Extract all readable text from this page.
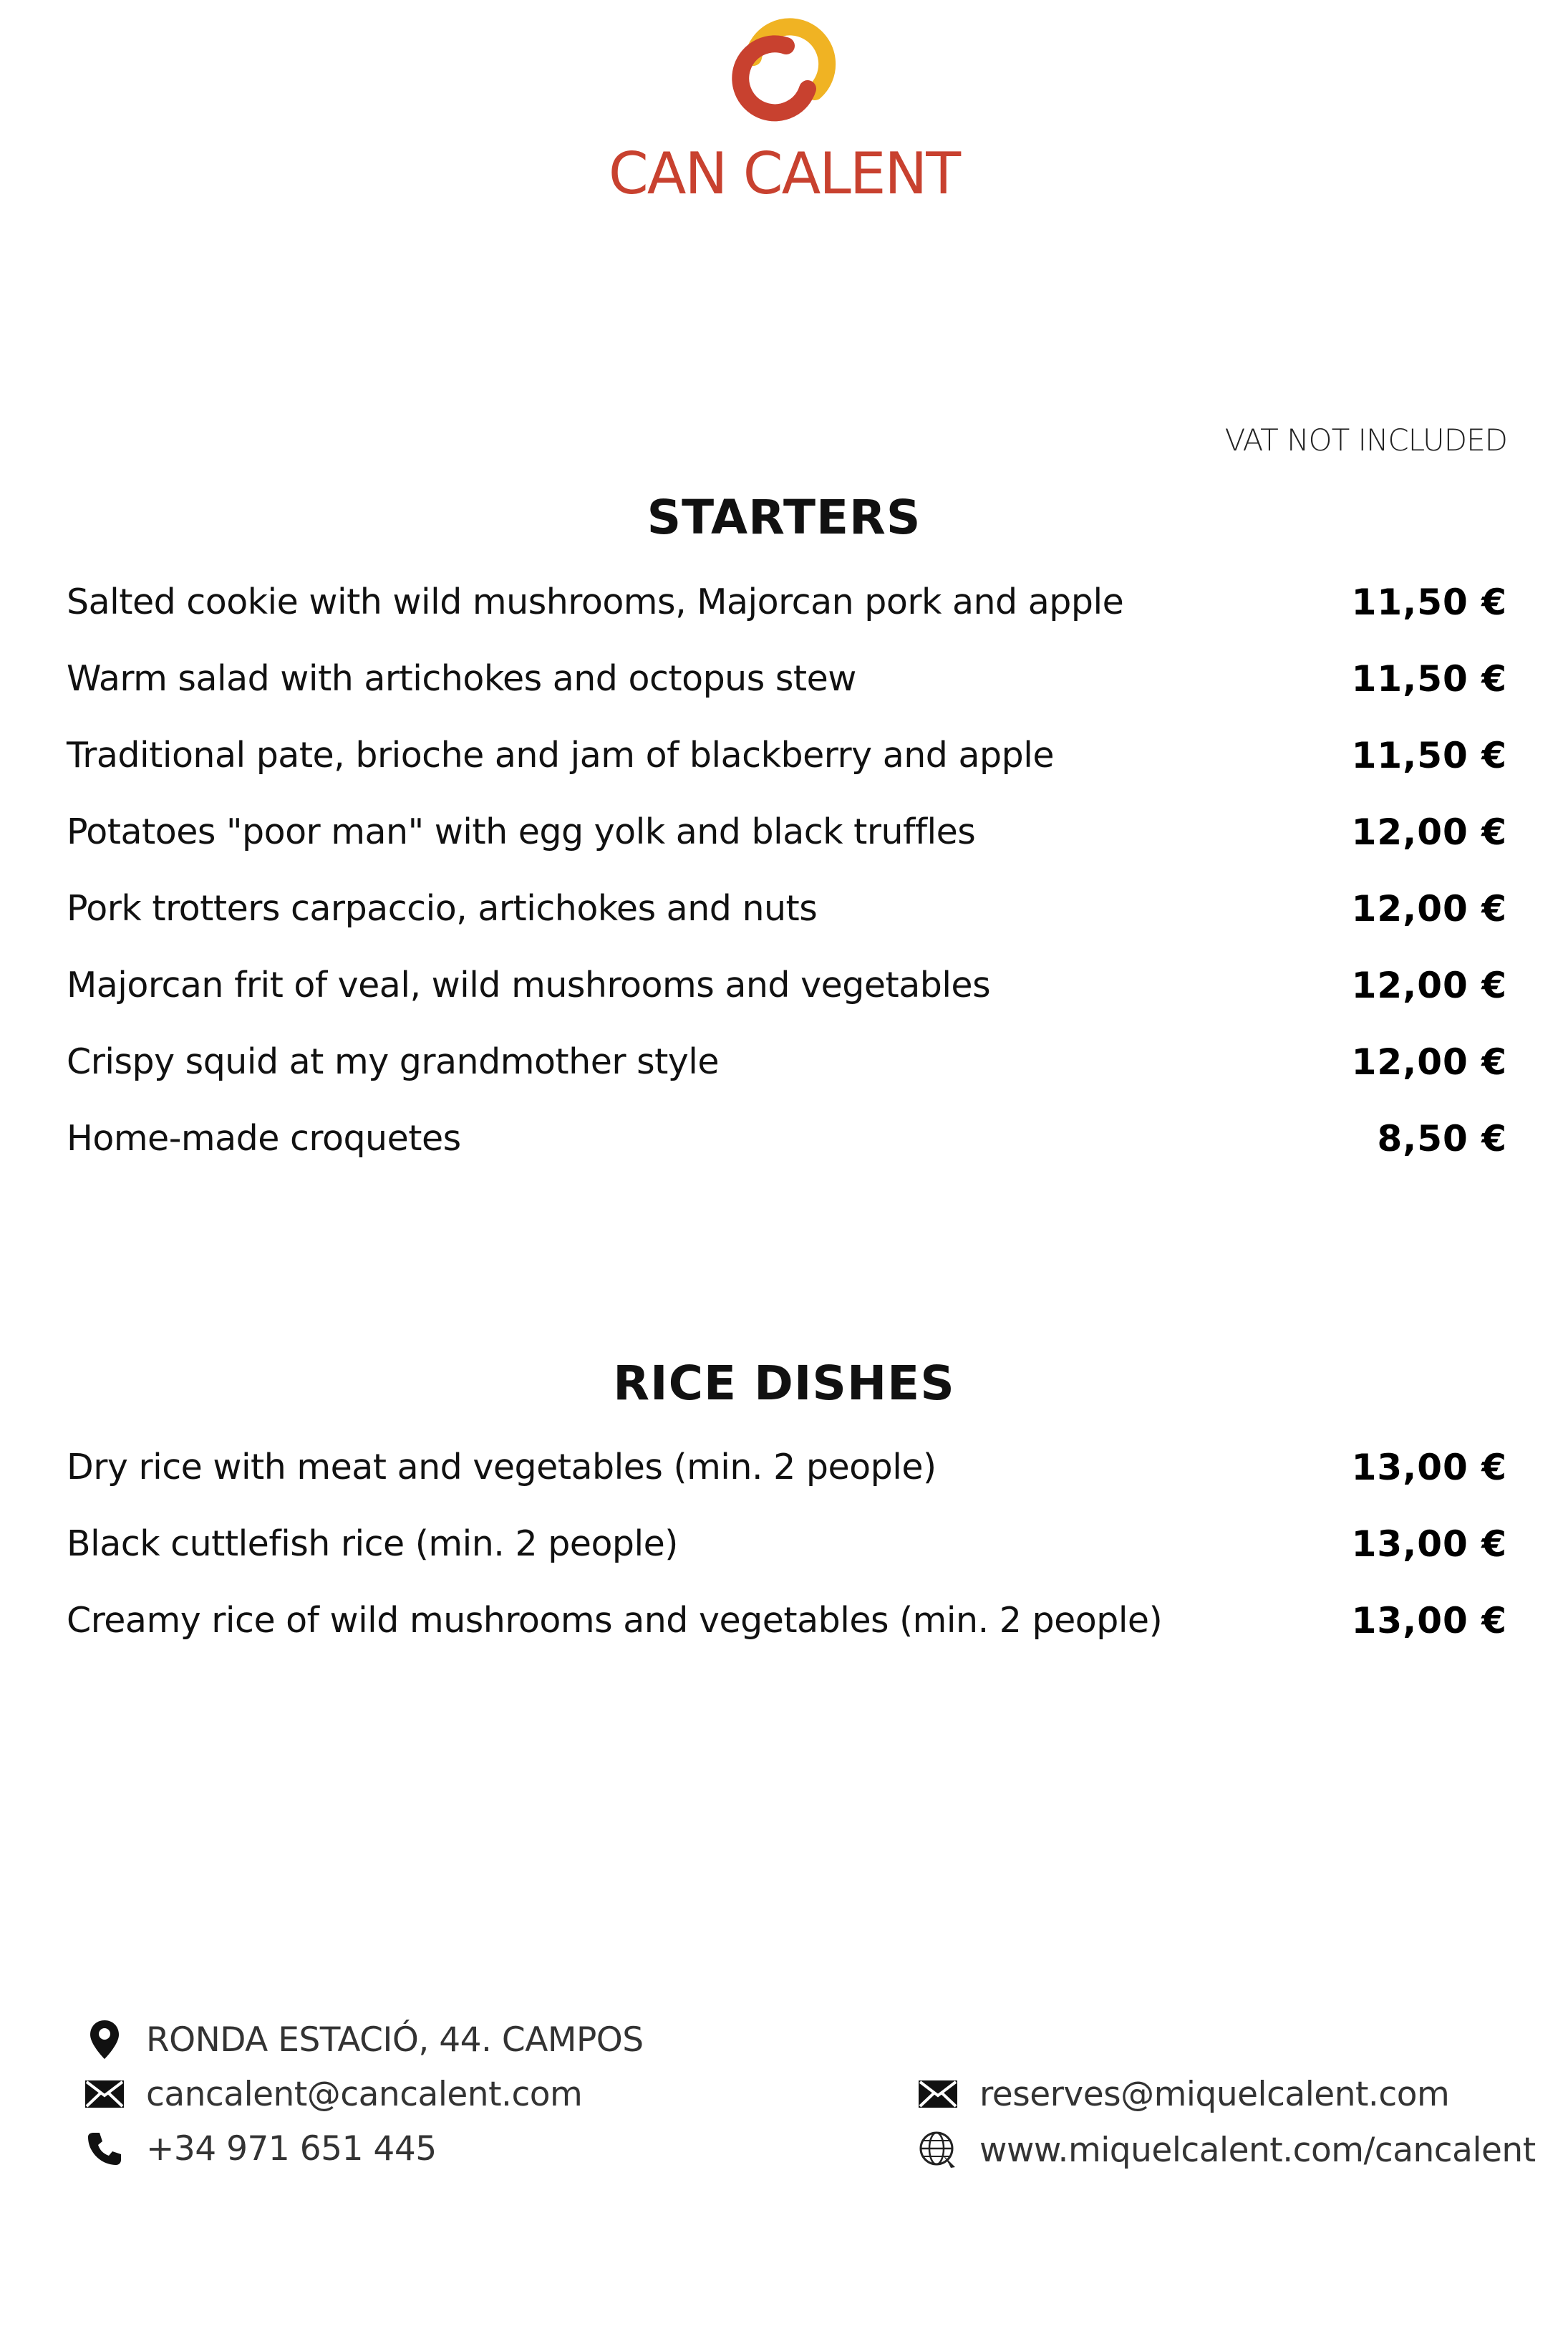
CAN CALENT
VAT NOT INCLUDED
STARTERS
Salted cookie with wild mushrooms, Majorcan pork and apple	11,50 €
Warm salad with artichokes and octopus stew	11,50 €
Traditional pate, brioche and jam of blackberry and apple	11,50 €
Potatoes "poor man" with egg yolk and black truffles	12,00 €
Pork trotters carpaccio, artichokes and nuts	12,00 €
Majorcan frit of veal, wild mushrooms and vegetables	12,00 €
Crispy squid at my grandmother style	12,00 €
Home-made croquetes	8,50 €
RICE DISHES
Dry rice with meat and vegetables (min. 2 people)	13,00 €
Black cuttlefish rice (min. 2 people)	13,00 €
Creamy rice of wild mushrooms and vegetables (min. 2 people)	13,00 €
RONDA ESTACIÓ, 44. CAMPOS
cancalent@cancalent.com
+34 971 651 445
reserves@miquelcalent.com
www.miquelcalent.com/cancalent
